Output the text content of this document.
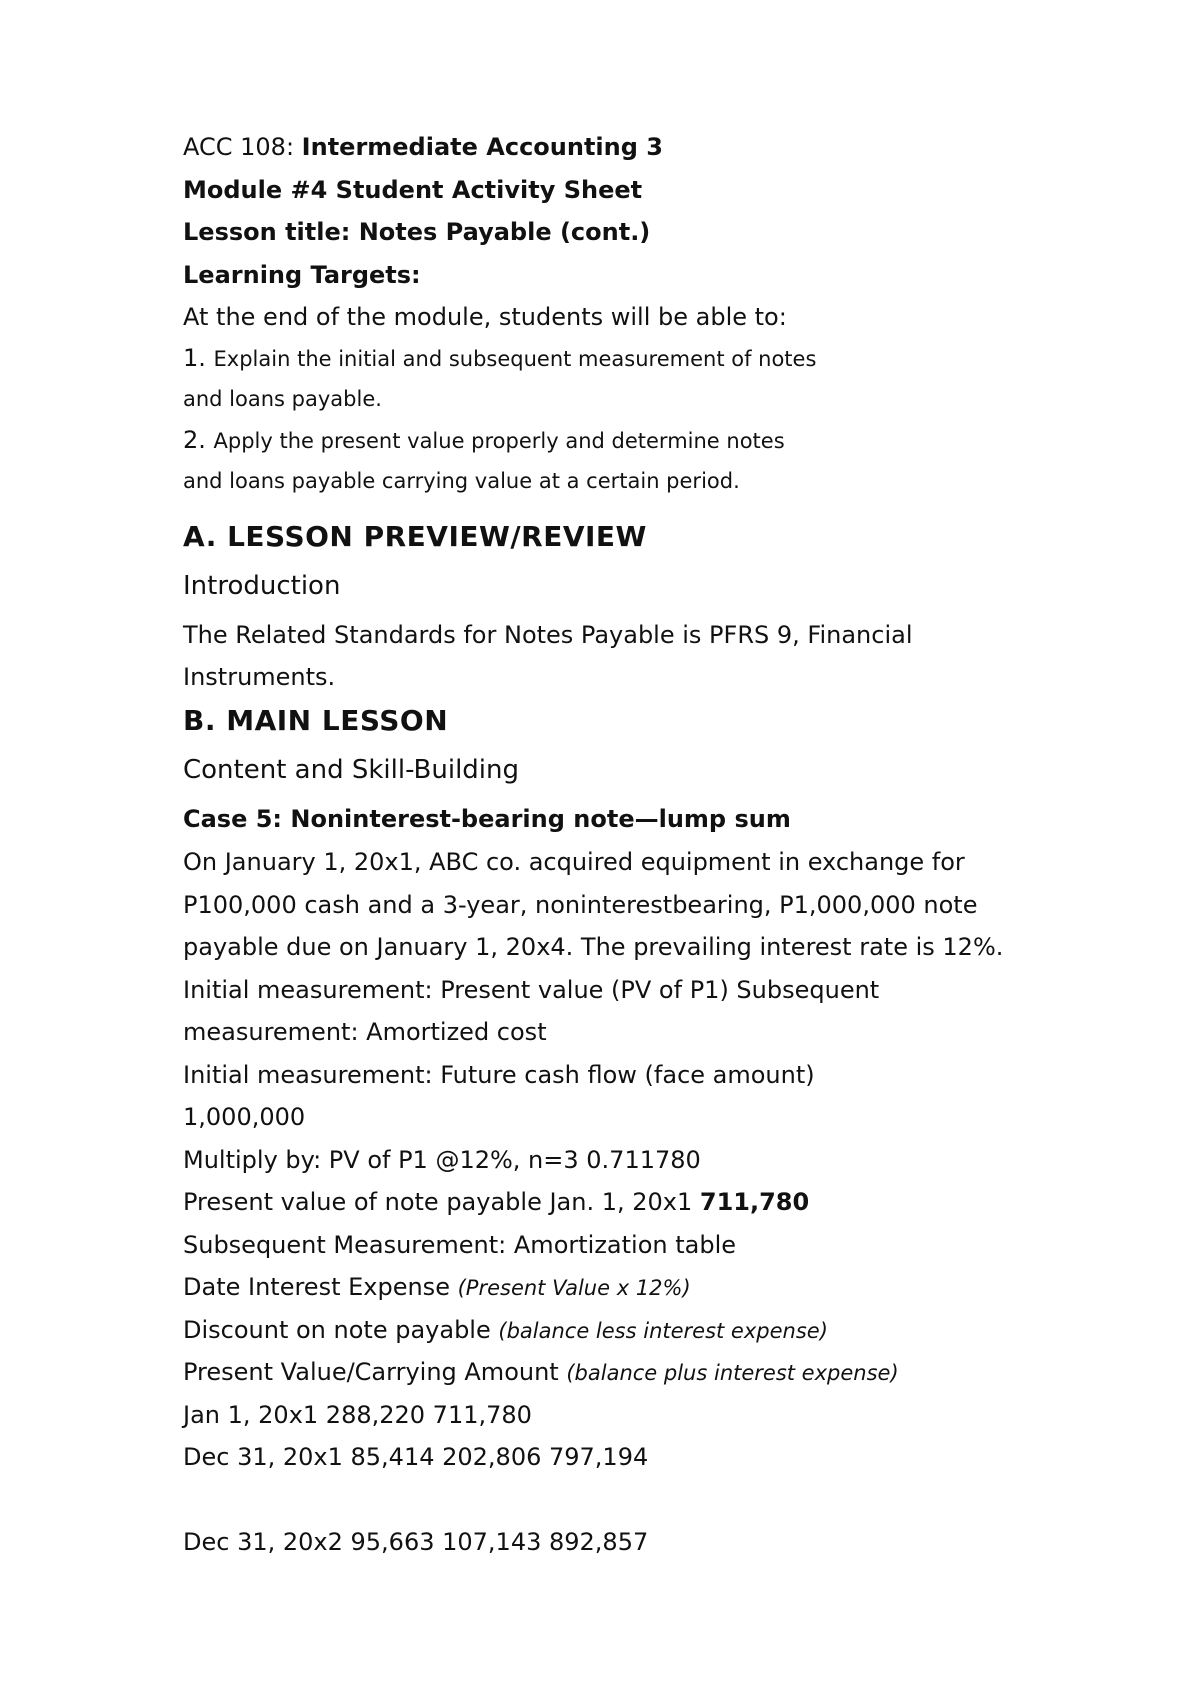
ACC 108: Intermediate Accounting 3
Module #4 Student Activity Sheet
Lesson title: Notes Payable (cont.)
Learning Targets:
At the end of the module, students will be able to:
1. Explain the initial and subsequent measurement of notes
and loans payable.
2. Apply the present value properly and determine notes
and loans payable carrying value at a certain period.
A. LESSON PREVIEW/REVIEW
Introduction
The Related Standards for Notes Payable is PFRS 9, Financial
Instruments.
B. MAIN LESSON
Content and Skill-Building
Case 5: Noninterest-bearing note—lump sum
On January 1, 20x1, ABC co. acquired equipment in exchange for
P100,000 cash and a 3-year, noninterestbearing, P1,000,000 note
payable due on January 1, 20x4. The prevailing interest rate is 12%.
Initial measurement: Present value (PV of P1) Subsequent
measurement: Amortized cost
Initial measurement: Future cash flow (face amount)
1,000,000
Multiply by: PV of P1 @12%, n=3 0.711780
Present value of note payable Jan. 1, 20x1 711,780
Subsequent Measurement: Amortization table
Date Interest Expense (Present Value x 12%)
Discount on note payable (balance less interest expense)
Present Value/Carrying Amount (balance plus interest expense)
Jan 1, 20x1 288,220 711,780
Dec 31, 20x1 85,414 202,806 797,194
Dec 31, 20x2 95,663 107,143 892,857
